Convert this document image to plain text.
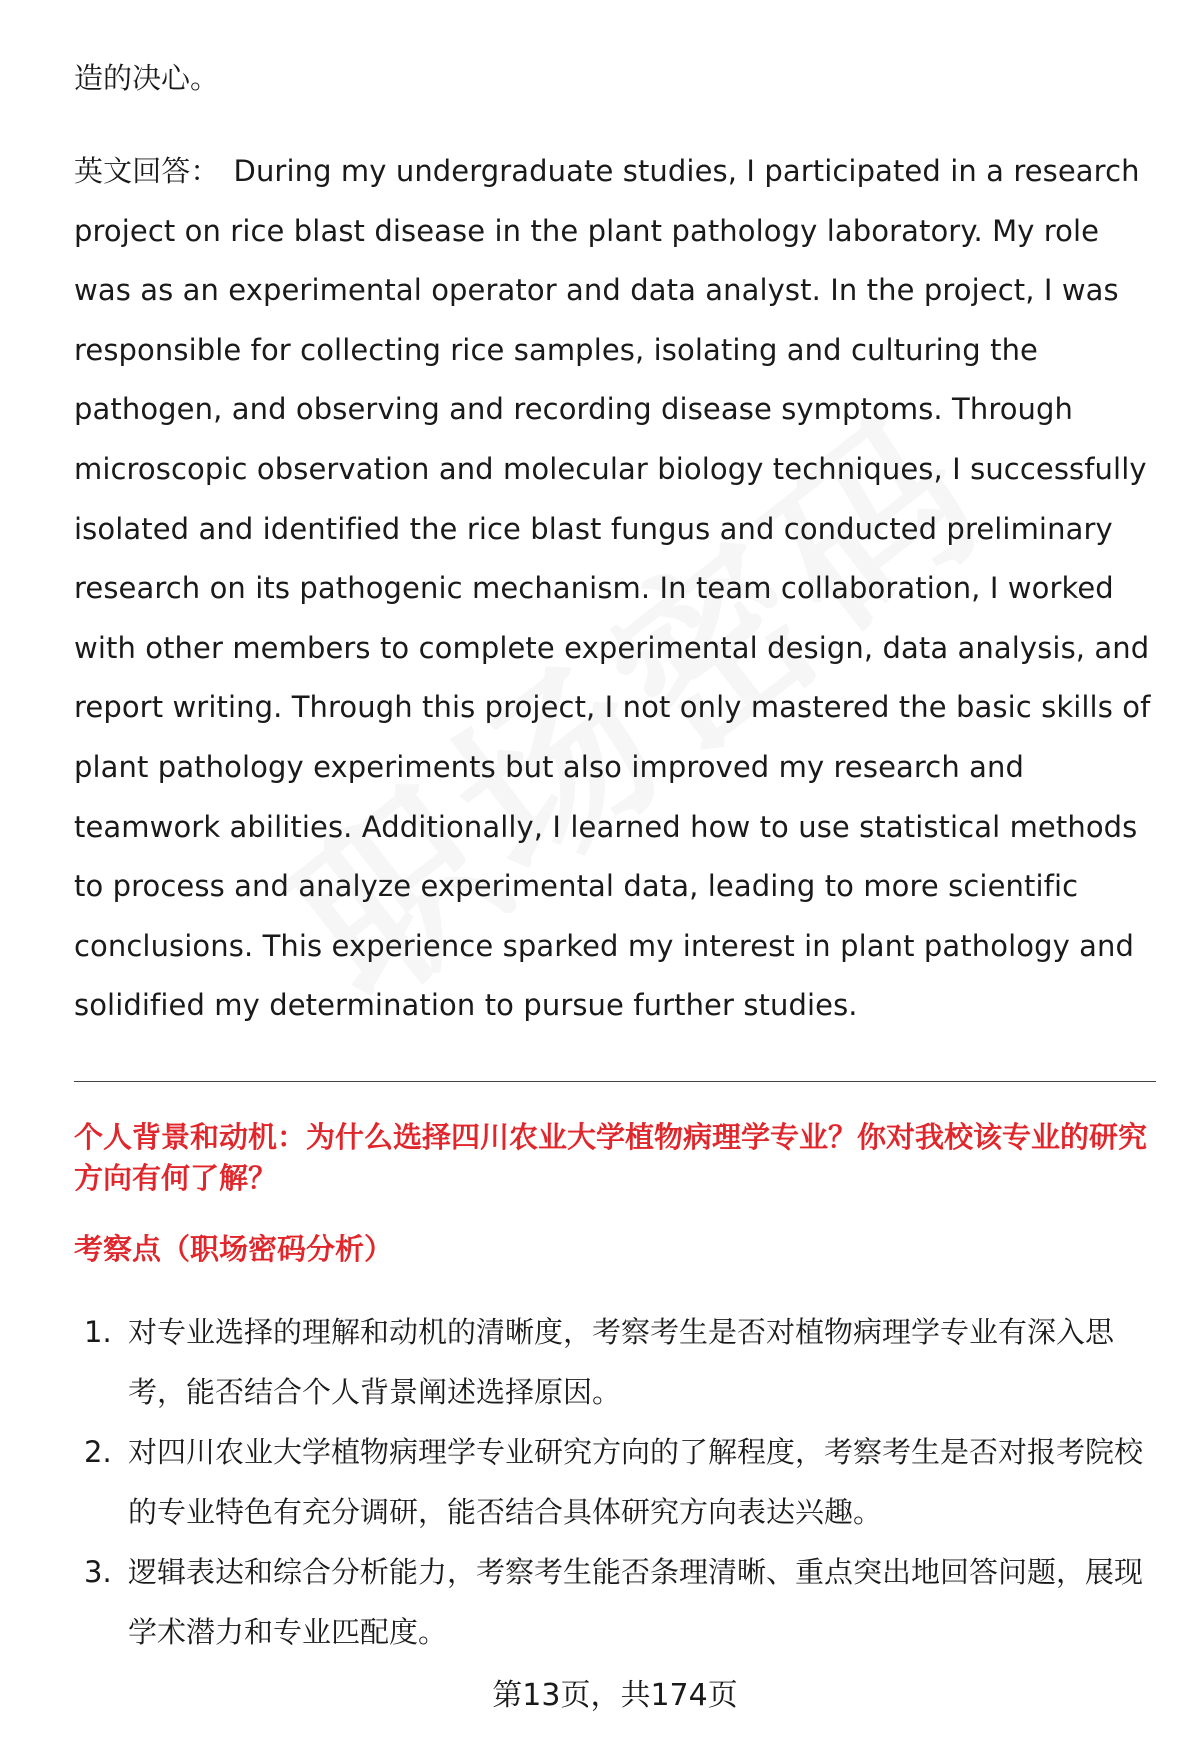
造的决心。

英文回答： During my undergraduate studies, I participated in a research project on rice blast disease in the plant pathology laboratory. My role was as an experimental operator and data analyst. In the project, I was responsible for collecting rice samples, isolating and culturing the pathogen, and observing and recording disease symptoms. Through microscopic observation and molecular biology techniques, I successfully isolated and identified the rice blast fungus and conducted preliminary research on its pathogenic mechanism. In team collaboration, I worked with other members to complete experimental design, data analysis, and report writing. Through this project, I not only mastered the basic skills of plant pathology experiments but also improved my research and teamwork abilities. Additionally, I learned how to use statistical methods to process and analyze experimental data, leading to more scientific conclusions. This experience sparked my interest in plant pathology and solidified my determination to pursue further studies.

个人背景和动机：为什么选择四川农业大学植物病理学专业？你对我校该专业的研究方向有何了解？

考察点（职场密码分析）

1. 对专业选择的理解和动机的清晰度，考察考生是否对植物病理学专业有深入思考，能否结合个人背景阐述选择原因。
2. 对四川农业大学植物病理学专业研究方向的了解程度，考察考生是否对报考院校的专业特色有充分调研，能否结合具体研究方向表达兴趣。
3. 逻辑表达和综合分析能力，考察考生能否条理清晰、重点突出地回答问题，展现学术潜力和专业匹配度。

第13页，共174页
